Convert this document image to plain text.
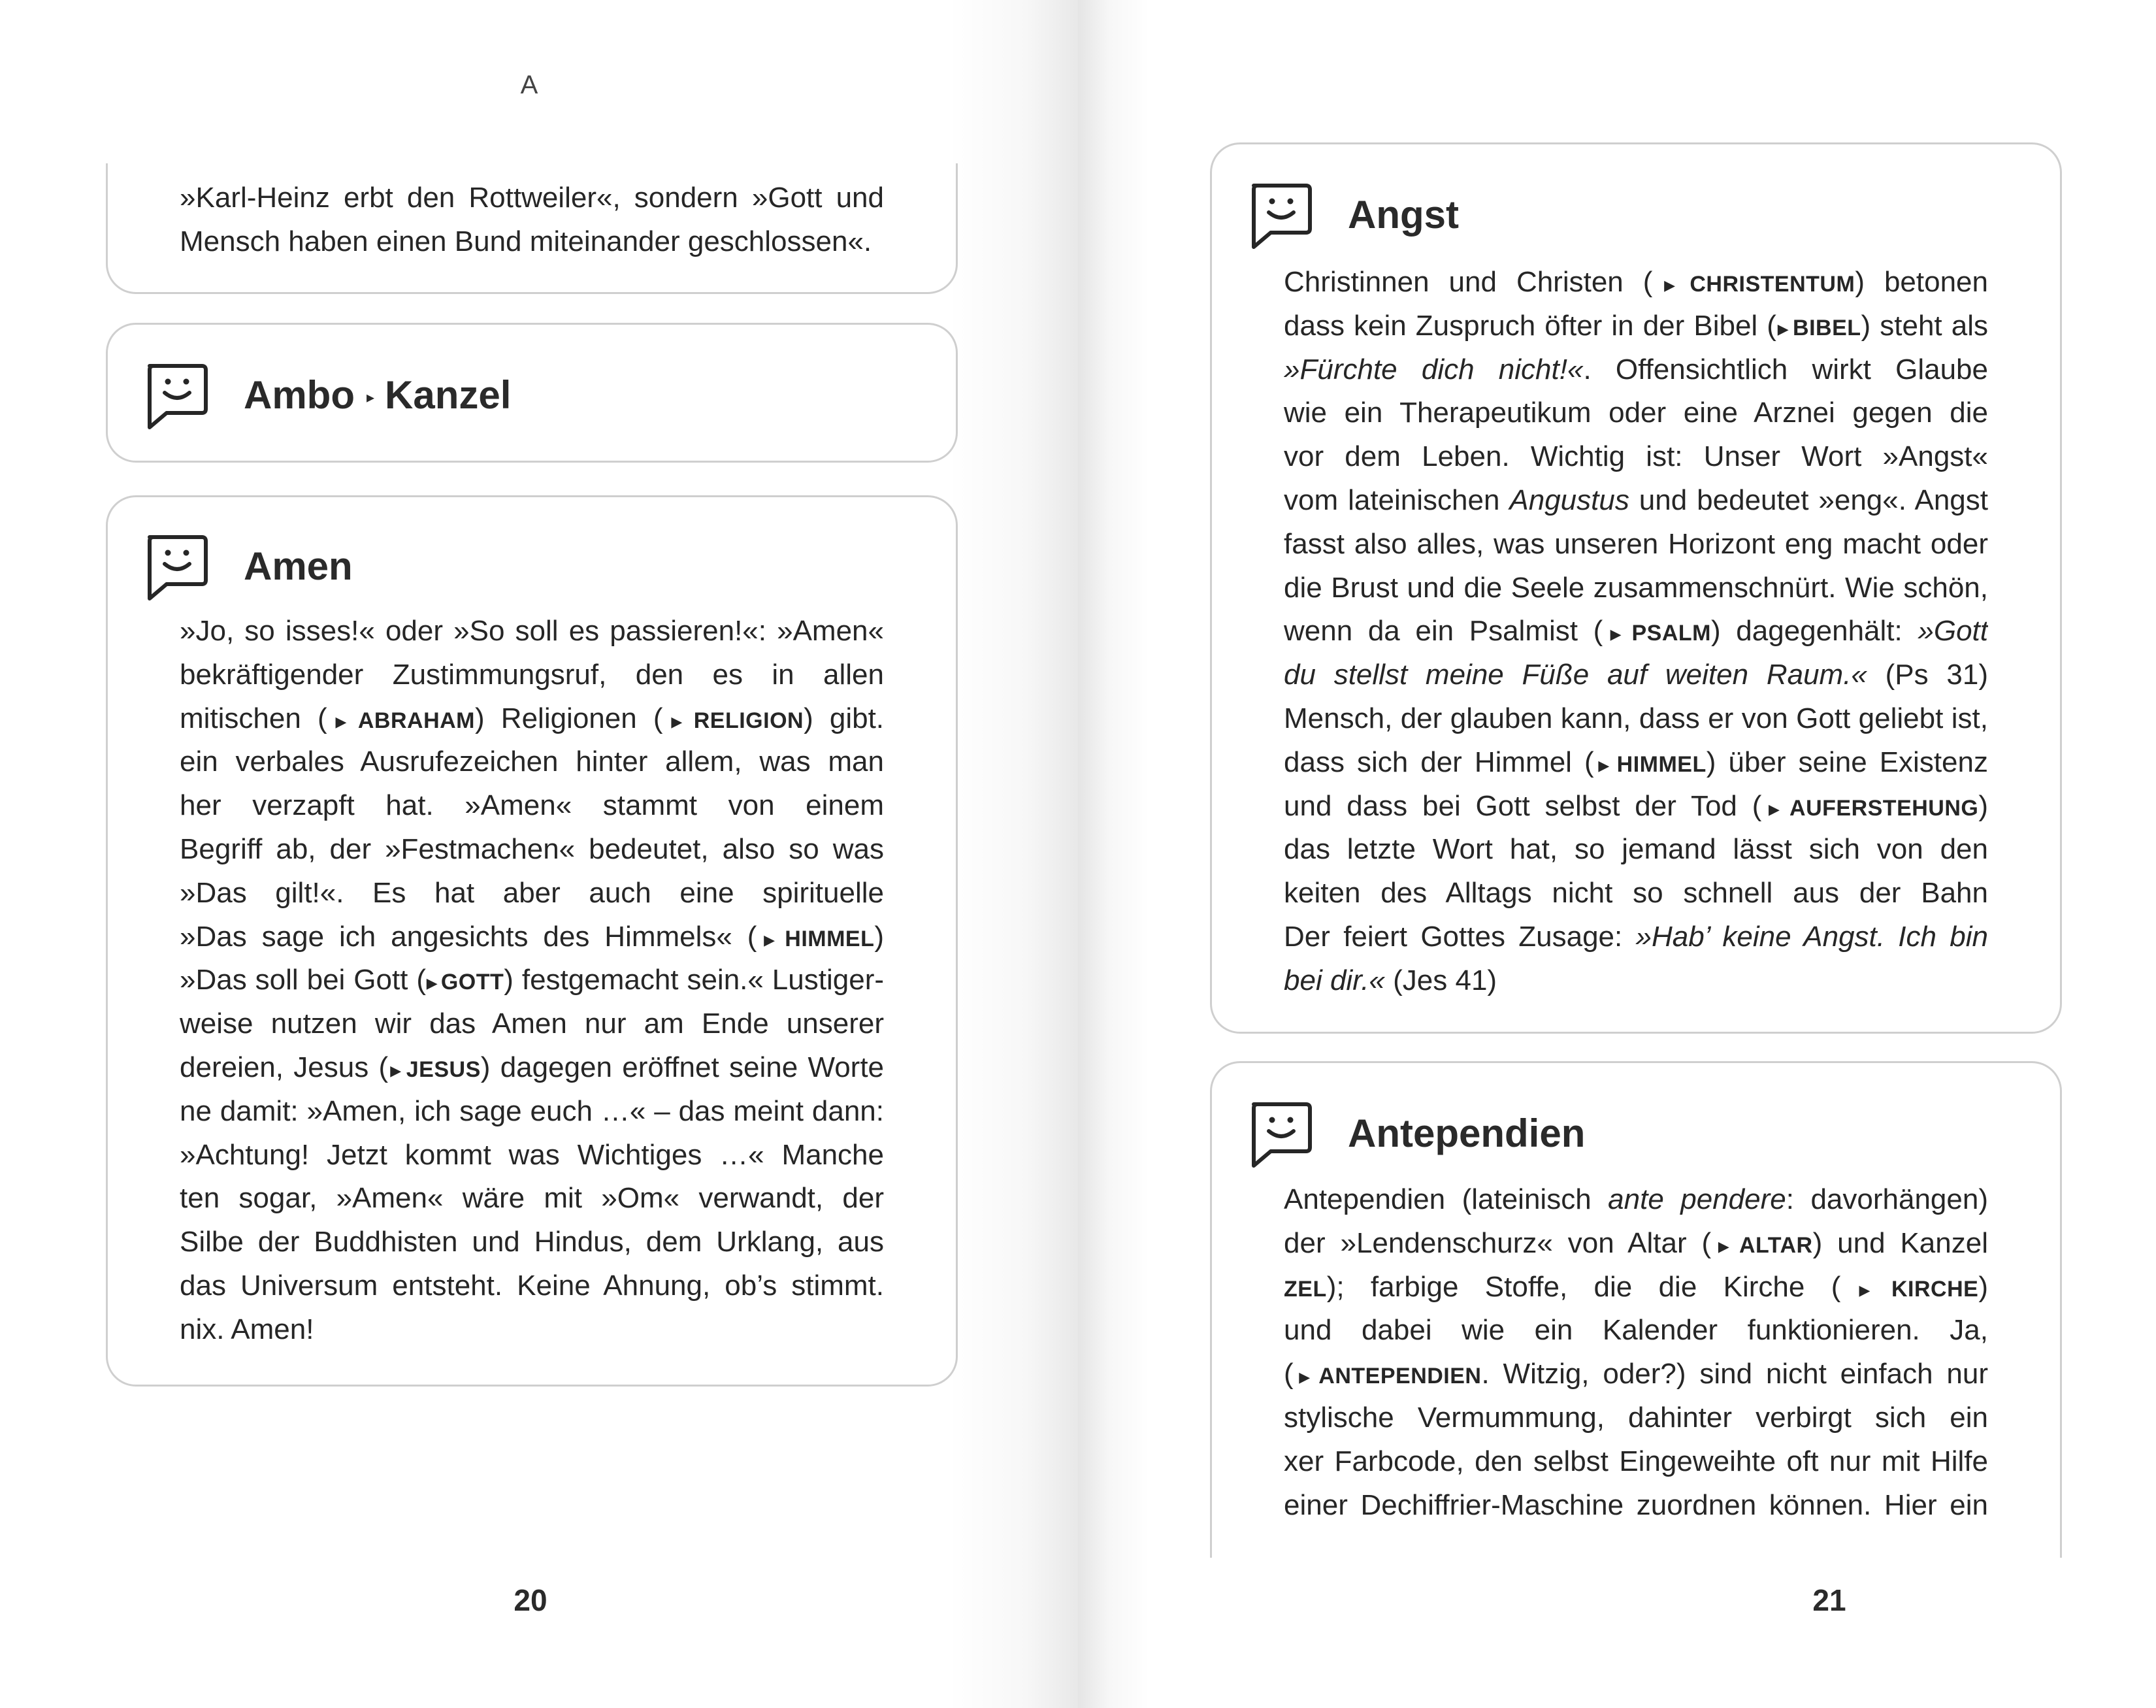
A
»Karl-Heinz erbt den Rottweiler«, sondern »Gott und
Mensch haben einen Bund miteinander geschlossen«.
Ambo ▸ Kanzel
Amen
»Jo, so isses!« oder »So soll es passieren!«: »Amen«
bekräftigender Zustimmungsruf, den es in allen
mitischen (▶ ABRAHAM) Religionen (▶ RELIGION) gibt.
ein verbales Ausrufezeichen hinter allem, was man
her verzapft hat. »Amen« stammt von einem
Begriff ab, der »Festmachen« bedeutet, also so was
»Das gilt!«. Es hat aber auch eine spirituelle
»Das sage ich angesichts des Himmels« (▶ HIMMEL)
»Das soll bei Gott (▶ GOTT) festgemacht sein.« Lustiger-
weise nutzen wir das Amen nur am Ende unserer
dereien, Jesus (▶ JESUS) dagegen eröffnet seine Worte
ne damit: »Amen, ich sage euch …« – das meint dann:
»Achtung! Jetzt kommt was Wichtiges …« Manche
ten sogar, »Amen« wäre mit »Om« verwandt, der
Silbe der Buddhisten und Hindus, dem Urklang, aus
das Universum entsteht. Keine Ahnung, ob’s stimmt.
nix. Amen!
20
Angst
Christinnen und Christen (▶ CHRISTENTUM) betonen
dass kein Zuspruch öfter in der Bibel (▶ BIBEL) steht als
»Fürchte dich nicht!«. Offensichtlich wirkt Glaube
wie ein Therapeutikum oder eine Arznei gegen die
vor dem Leben. Wichtig ist: Unser Wort »Angst«
vom lateinischen Angustus und bedeutet »eng«. Angst
fasst also alles, was unseren Horizont eng macht oder
die Brust und die Seele zusammenschnürt. Wie schön,
wenn da ein Psalmist (▶ PSALM) dagegenhält: »Gott
du stellst meine Füße auf weiten Raum.« (Ps 31)
Mensch, der glauben kann, dass er von Gott geliebt ist,
dass sich der Himmel (▶ HIMMEL) über seine Existenz
und dass bei Gott selbst der Tod (▶ AUFERSTEHUNG)
das letzte Wort hat, so jemand lässt sich von den
keiten des Alltags nicht so schnell aus der Bahn
Der feiert Gottes Zusage: »Hab’ keine Angst. Ich bin
bei dir.« (Jes 41)
Antependien
Antependien (lateinisch ante pendere: davorhängen)
der »Lendenschurz« von Altar (▶ ALTAR) und Kanzel
ZEL); farbige Stoffe, die die Kirche (▶ KIRCHE)
und dabei wie ein Kalender funktionieren. Ja,
(▶ ANTEPENDIEN. Witzig, oder?) sind nicht einfach nur
stylische Vermummung, dahinter verbirgt sich ein
xer Farbcode, den selbst Eingeweihte oft nur mit Hilfe
einer Dechiffrier-Maschine zuordnen können. Hier ein
21
